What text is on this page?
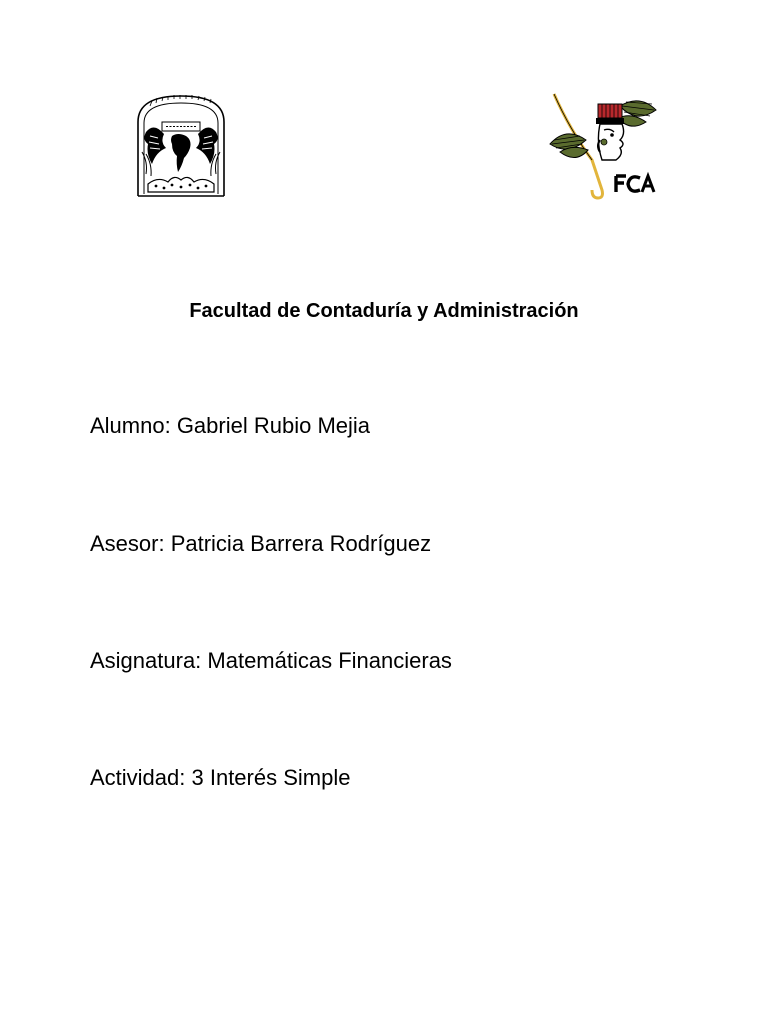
Facultad de Contaduría y Administración
Alumno: Gabriel Rubio Mejia
Asesor: Patricia Barrera Rodríguez
Asignatura: Matemáticas Financieras
Actividad: 3 Interés Simple
